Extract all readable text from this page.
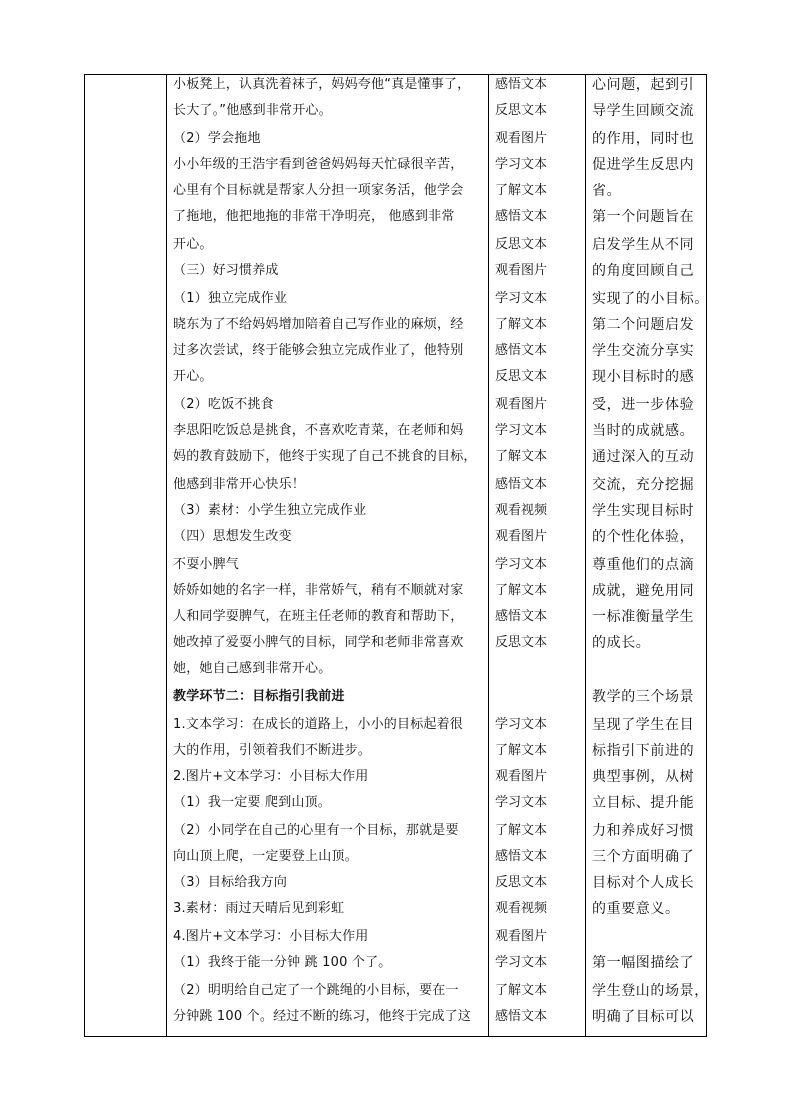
小板凳上，认真洗着袜子，妈妈夸他“真是懂事了，
长大了。”他感到非常开心。
（2）学会拖地
小小年级的王浩宇看到爸爸妈妈每天忙碌很辛苦，
心里有个目标就是帮家人分担一项家务活，他学会
了拖地，他把地拖的非常干净明亮， 他感到非常
开心。
（三）好习惯养成
（1）独立完成作业
晓东为了不给妈妈增加陪着自己写作业的麻烦，经
过多次尝试，终于能够会独立完成作业了，他特别
开心。
（2）吃饭不挑食
李思阳吃饭总是挑食，不喜欢吃青菜，在老师和妈
妈的教育鼓励下，他终于实现了自己不挑食的目标，
他感到非常开心快乐！
（3）素材：小学生独立完成作业
（四）思想发生改变
不耍小脾气
娇娇如她的名字一样，非常娇气，稍有不顺就对家
人和同学耍脾气，在班主任老师的教育和帮助下，
她改掉了爱耍小脾气的目标，同学和老师非常喜欢
她，她自己感到非常开心。
教学环节二：目标指引我前进
1.文本学习：在成长的道路上，小小的目标起着很
大的作用，引领着我们不断进步。
2.图片+文本学习：小目标大作用
（1）我一定要 爬到山顶。
（2）小同学在自己的心里有一个目标，那就是要
向山顶上爬，一定要登上山顶。
（3）目标给我方向
3.素材：雨过天晴后见到彩虹
4.图片+文本学习：小目标大作用
（1）我终于能一分钟 跳 100 个了。
（2）明明给自己定了一个跳绳的小目标，要在一
分钟跳 100 个。经过不断的练习，他终于完成了这
感悟文本
反思文本
观看图片
学习文本
了解文本
感悟文本
反思文本
观看图片
学习文本
了解文本
感悟文本
反思文本
观看图片
学习文本
了解文本
感悟文本
观看视频
观看图片
学习文本
了解文本
感悟文本
反思文本
学习文本
了解文本
观看图片
学习文本
了解文本
感悟文本
反思文本
观看视频
观看图片
学习文本
了解文本
感悟文本
心问题，起到引
导学生回顾交流
的作用，同时也
促进学生反思内
省。
第一个问题旨在
启发学生从不同
的角度回顾自己
实现了的小目标。
第二个问题启发
学生交流分享实
现小目标时的感
受，进一步体验
当时的成就感。
通过深入的互动
交流，充分挖掘
学生实现目标时
的个性化体验，
尊重他们的点滴
成就，避免用同
一标准衡量学生
的成长。
教学的三个场景
呈现了学生在目
标指引下前进的
典型事例，从树
立目标、提升能
力和养成好习惯
三个方面明确了
目标对个人成长
的重要意义。
第一幅图描绘了
学生登山的场景，
明确了目标可以
